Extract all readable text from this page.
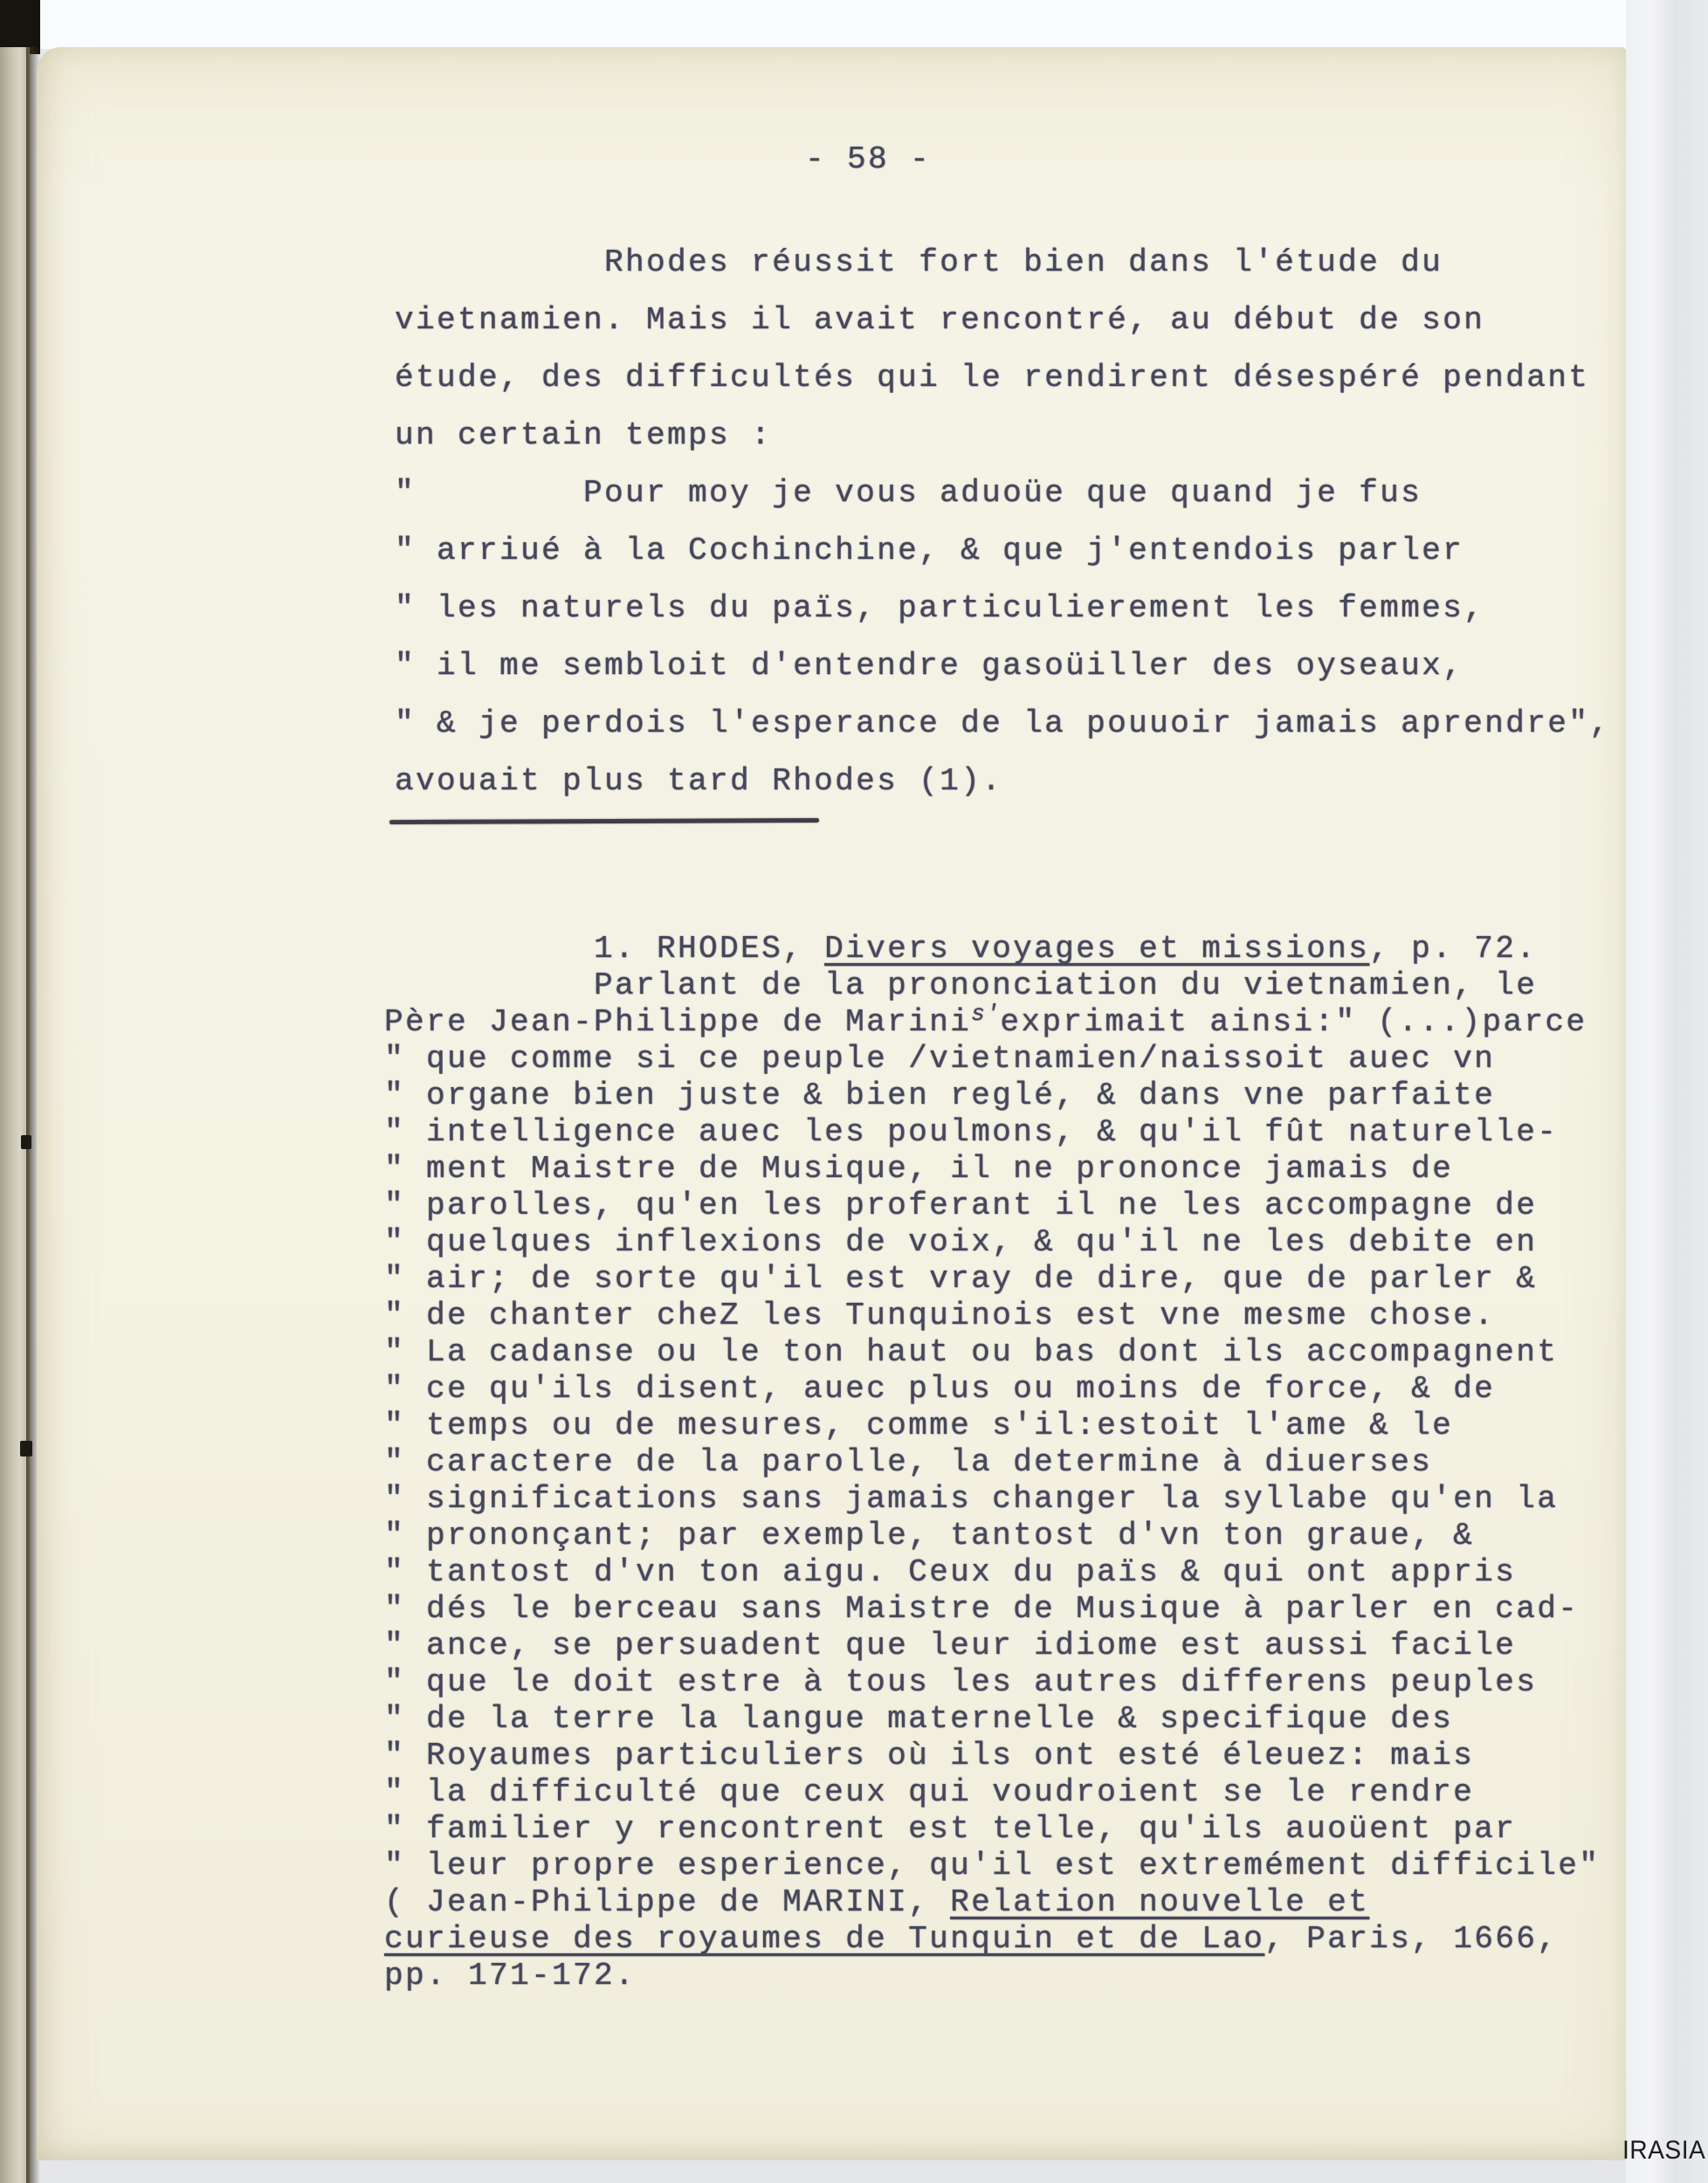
- 58 -
Rhodes réussit fort bien dans l'étude du
vietnamien. Mais il avait rencontré, au début de son
étude, des difficultés qui le rendirent désespéré pendant
un certain temps :
"        Pour moy je vous aduoüe que quand je fus
" arriué à la Cochinchine, & que j'entendois parler
" les naturels du païs, particulierement les femmes,
" il me sembloit d'entendre gasoüiller des oyseaux,
" & je perdois l'esperance de la pouuoir jamais aprendre",
avouait plus tard Rhodes (1).
1. RHODES, Divers voyages et missions, p. 72.
Parlant de la prononciation du vietnamien, le
Père Jean-Philippe de Marinis'exprimait ainsi:" (...)parce
" que comme si ce peuple /vietnamien/naissoit auec vn
" organe bien juste & bien reglé, & dans vne parfaite
" intelligence auec les poulmons, & qu'il fût naturelle-
" ment Maistre de Musique, il ne prononce jamais de
" parolles, qu'en les proferant il ne les accompagne de
" quelques inflexions de voix, & qu'il ne les debite en
" air; de sorte qu'il est vray de dire, que de parler &
" de chanter cheZ les Tunquinois est vne mesme chose.
" La cadanse ou le ton haut ou bas dont ils accompagnent
" ce qu'ils disent, auec plus ou moins de force, & de
" temps ou de mesures, comme s'il:estoit l'ame & le
" caractere de la parolle, la determine à diuerses
" significations sans jamais changer la syllabe qu'en la
" prononçant; par exemple, tantost d'vn ton graue, &
" tantost d'vn ton aigu. Ceux du païs & qui ont appris
" dés le berceau sans Maistre de Musique à parler en cad-
" ance, se persuadent que leur idiome est aussi facile
" que le doit estre à tous les autres differens peuples
" de la terre la langue maternelle & specifique des
" Royaumes particuliers où ils ont esté éleuez: mais
" la difficulté que ceux qui voudroient se le rendre
" familier y rencontrent est telle, qu'ils auoüent par
" leur propre esperience, qu'il est extremément difficile"
( Jean-Philippe de MARINI, Relation nouvelle et
curieuse des royaumes de Tunquin et de Lao, Paris, 1666,
pp. 171-172.
IRASIA
